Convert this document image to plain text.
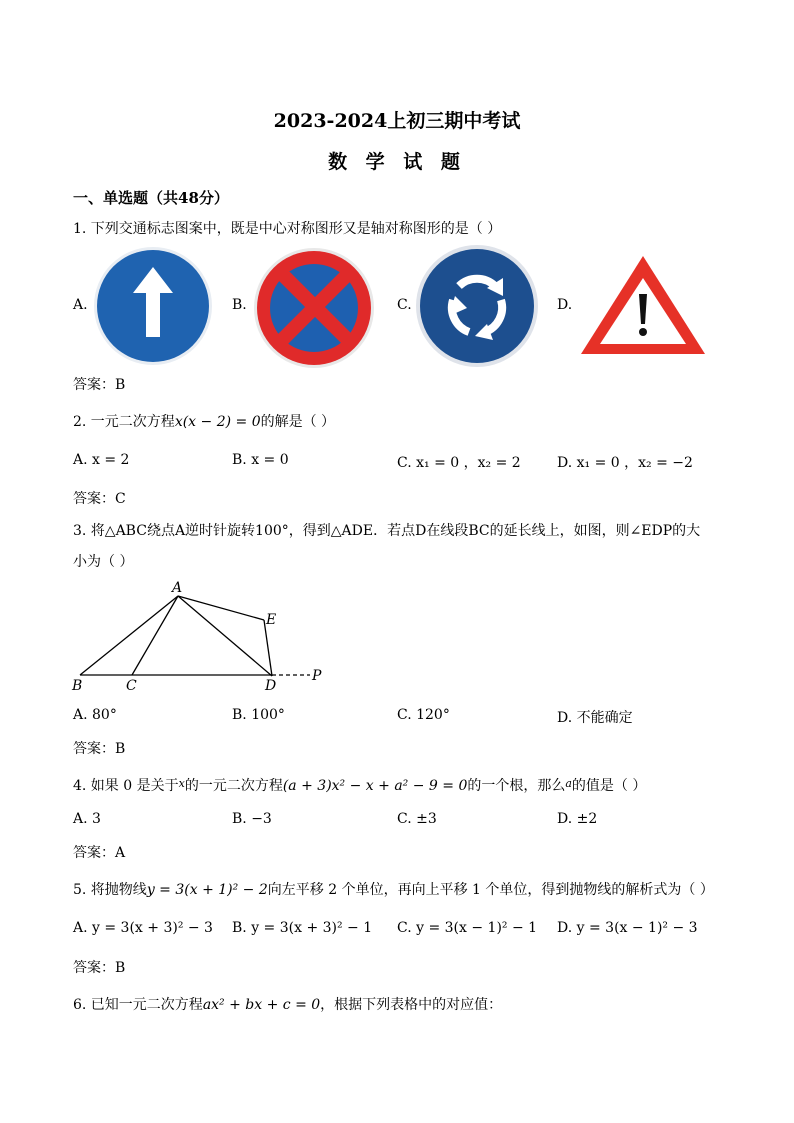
2023-2024上初三期中考试
数 学 试 题
一、单选题（共48分）
1. 下列交通标志图案中，既是中心对称图形又是轴对称图形的是（ ）
A.	B.	C.	D.
答案：B
2. 一元二次方程x(x − 2) = 0的解是（ ）
A. x = 2	B. x = 0	C. x₁ = 0 ，x₂ = 2	D. x₁ = 0 ，x₂ = −2
答案：C
3. 将△ABC绕点A逆时针旋转100°，得到△ADE．若点D在线段BC的延长线上，如图，则∠EDP的大
小为（ ）
A
B	C	D
E
P
A. 80°	B. 100°	C. 120°	D. 不能确定
答案：B
4. 如果 0 是关于$^x$的一元二次方程(a + 3)x² − x + a² − 9 = 0的一个根，那么$^a$的值是（ ）
A. 3	B. −3	C. ±3	D. ±2
答案：A
5. 将抛物线y = 3(x + 1)² − 2向左平移 2 个单位，再向上平移 1 个单位，得到抛物线的解析式为（ ）
A. y = 3(x + 3)² − 3 B. y = 3(x + 3)² − 1 C. y = 3(x − 1)² − 1 D. y = 3(x − 1)² − 3
答案：B
6. 已知一元二次方程ax² + bx + c = 0，根据下列表格中的对应值：
